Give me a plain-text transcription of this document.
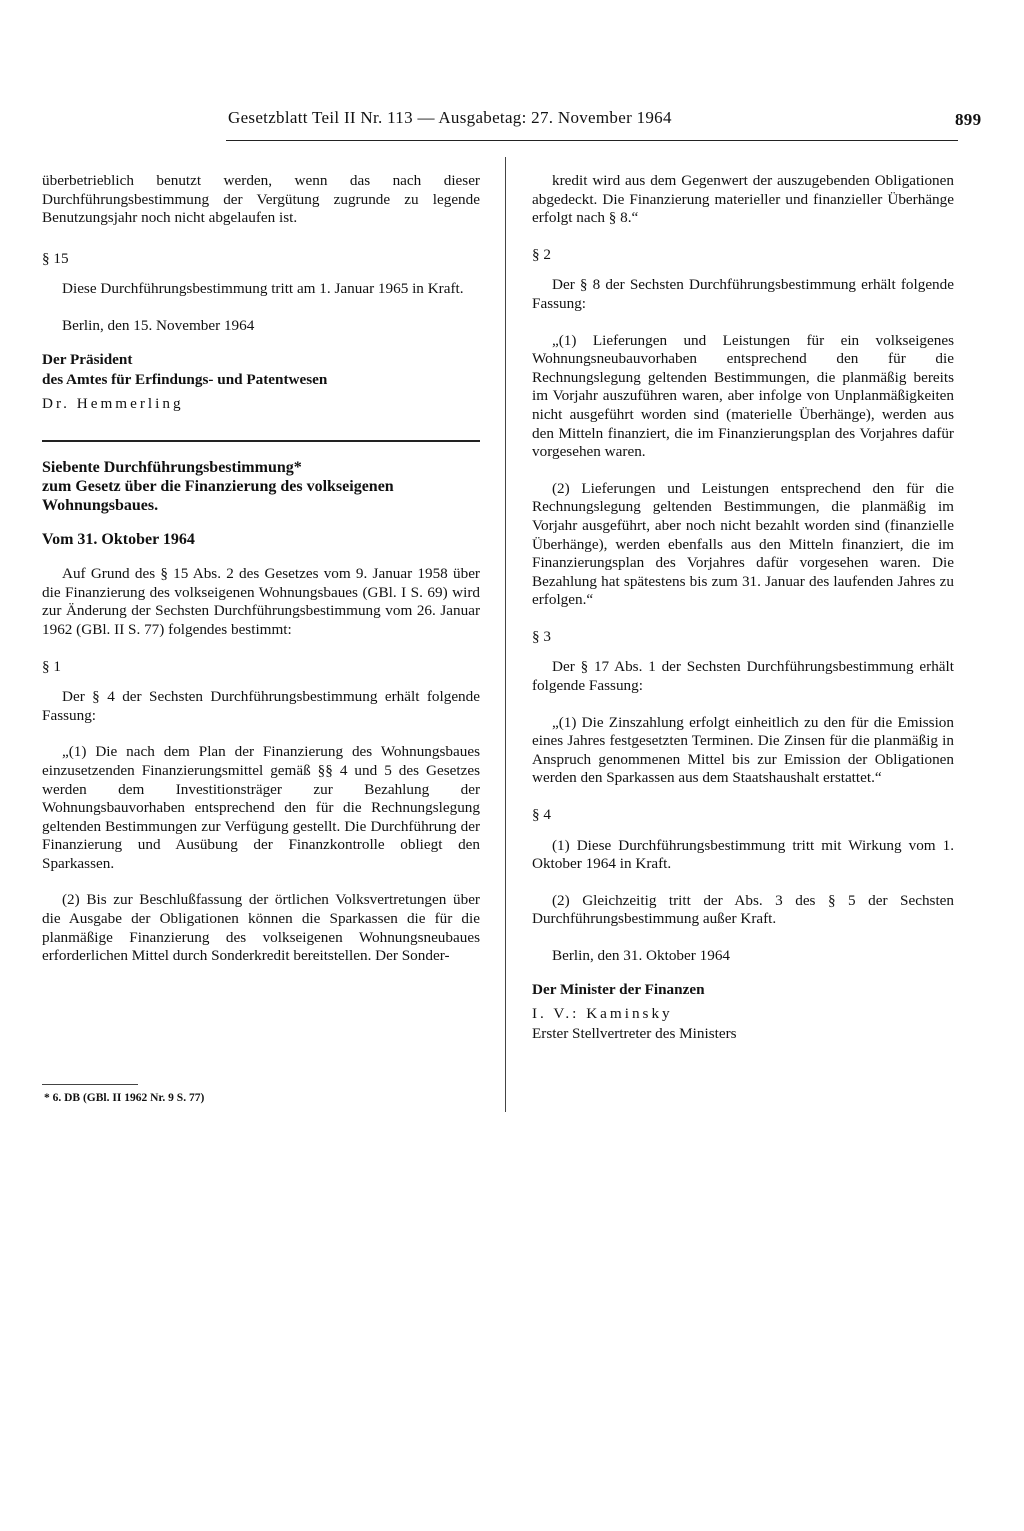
Gesetzblatt Teil II Nr. 113 — Ausgabetag: 27. November 1964	899

überbetrieblich benutzt werden, wenn das nach dieser Durchführungsbestimmung der Vergütung zugrunde zu legende Benutzungsjahr noch nicht abgelaufen ist.

§ 15

Diese Durchführungsbestimmung tritt am 1. Januar 1965 in Kraft.

Berlin, den 15. November 1964

Der Präsident

des Amtes für Erfindungs- und Patentwesen

Dr. Hemmerling

Siebente Durchführungsbestimmung*

zum Gesetz über die Finanzierung des volkseigenen

Wohnungsbaues.

Vom 31. Oktober 1964

Auf Grund des § 15 Abs. 2 des Gesetzes vom 9. Januar 1958 über die Finanzierung des volkseigenen Wohnungsbaues (GBl. I S. 69) wird zur Änderung der Sechsten Durchführungsbestimmung vom 26. Januar 1962 (GBl. II S. 77) folgendes bestimmt:

§ 1

Der § 4 der Sechsten Durchführungsbestimmung erhält folgende Fassung:

„(1) Die nach dem Plan der Finanzierung des Wohnungsbaues einzusetzenden Finanzierungsmittel gemäß §§ 4 und 5 des Gesetzes werden dem Investitionsträger zur Bezahlung der Wohnungsbauvorhaben entsprechend den für die Rechnungslegung geltenden Bestimmungen zur Verfügung gestellt. Die Durchführung der Finanzierung und Ausübung der Finanzkontrolle obliegt den Sparkassen.

(2) Bis zur Beschlußfassung der örtlichen Volksvertretungen über die Ausgabe der Obligationen können die Sparkassen die für die planmäßige Finanzierung des volkseigenen Wohnungsneubaues erforderlichen Mittel durch Sonderkredit bereitstellen. Der Sonder-

* 6. DB (GBl. II 1962 Nr. 9 S. 77)

kredit wird aus dem Gegenwert der auszugebenden Obligationen abgedeckt. Die Finanzierung materieller und finanzieller Überhänge erfolgt nach § 8.“

§ 2

Der § 8 der Sechsten Durchführungsbestimmung erhält folgende Fassung:

„(1) Lieferungen und Leistungen für ein volkseigenes Wohnungsneubauvorhaben entsprechend den für die Rechnungslegung geltenden Bestimmungen, die planmäßig bereits im Vorjahr auszuführen waren, aber infolge von Unplanmäßigkeiten nicht ausgeführt worden sind (materielle Überhänge), werden aus den Mitteln finanziert, die im Finanzierungsplan des Vorjahres dafür vorgesehen waren.

(2) Lieferungen und Leistungen entsprechend den für die Rechnungslegung geltenden Bestimmungen, die planmäßig im Vorjahr ausgeführt, aber noch nicht bezahlt worden sind (finanzielle Überhänge), werden ebenfalls aus den Mitteln finanziert, die im Finanzierungsplan des Vorjahres dafür vorgesehen waren. Die Bezahlung hat spätestens bis zum 31. Januar des laufenden Jahres zu erfolgen.“

§ 3

Der § 17 Abs. 1 der Sechsten Durchführungsbestimmung erhält folgende Fassung:

„(1) Die Zinszahlung erfolgt einheitlich zu den für die Emission eines Jahres festgesetzten Terminen. Die Zinsen für die planmäßig in Anspruch genommenen Mittel bis zur Emission der Obligationen werden den Sparkassen aus dem Staatshaushalt erstattet.“

§ 4

(1) Diese Durchführungsbestimmung tritt mit Wirkung vom 1. Oktober 1964 in Kraft.

(2) Gleichzeitig tritt der Abs. 3 des § 5 der Sechsten Durchführungsbestimmung außer Kraft.

Berlin, den 31. Oktober 1964

Der Minister der Finanzen

I. V.: Kaminsky

Erster Stellvertreter des Ministers
